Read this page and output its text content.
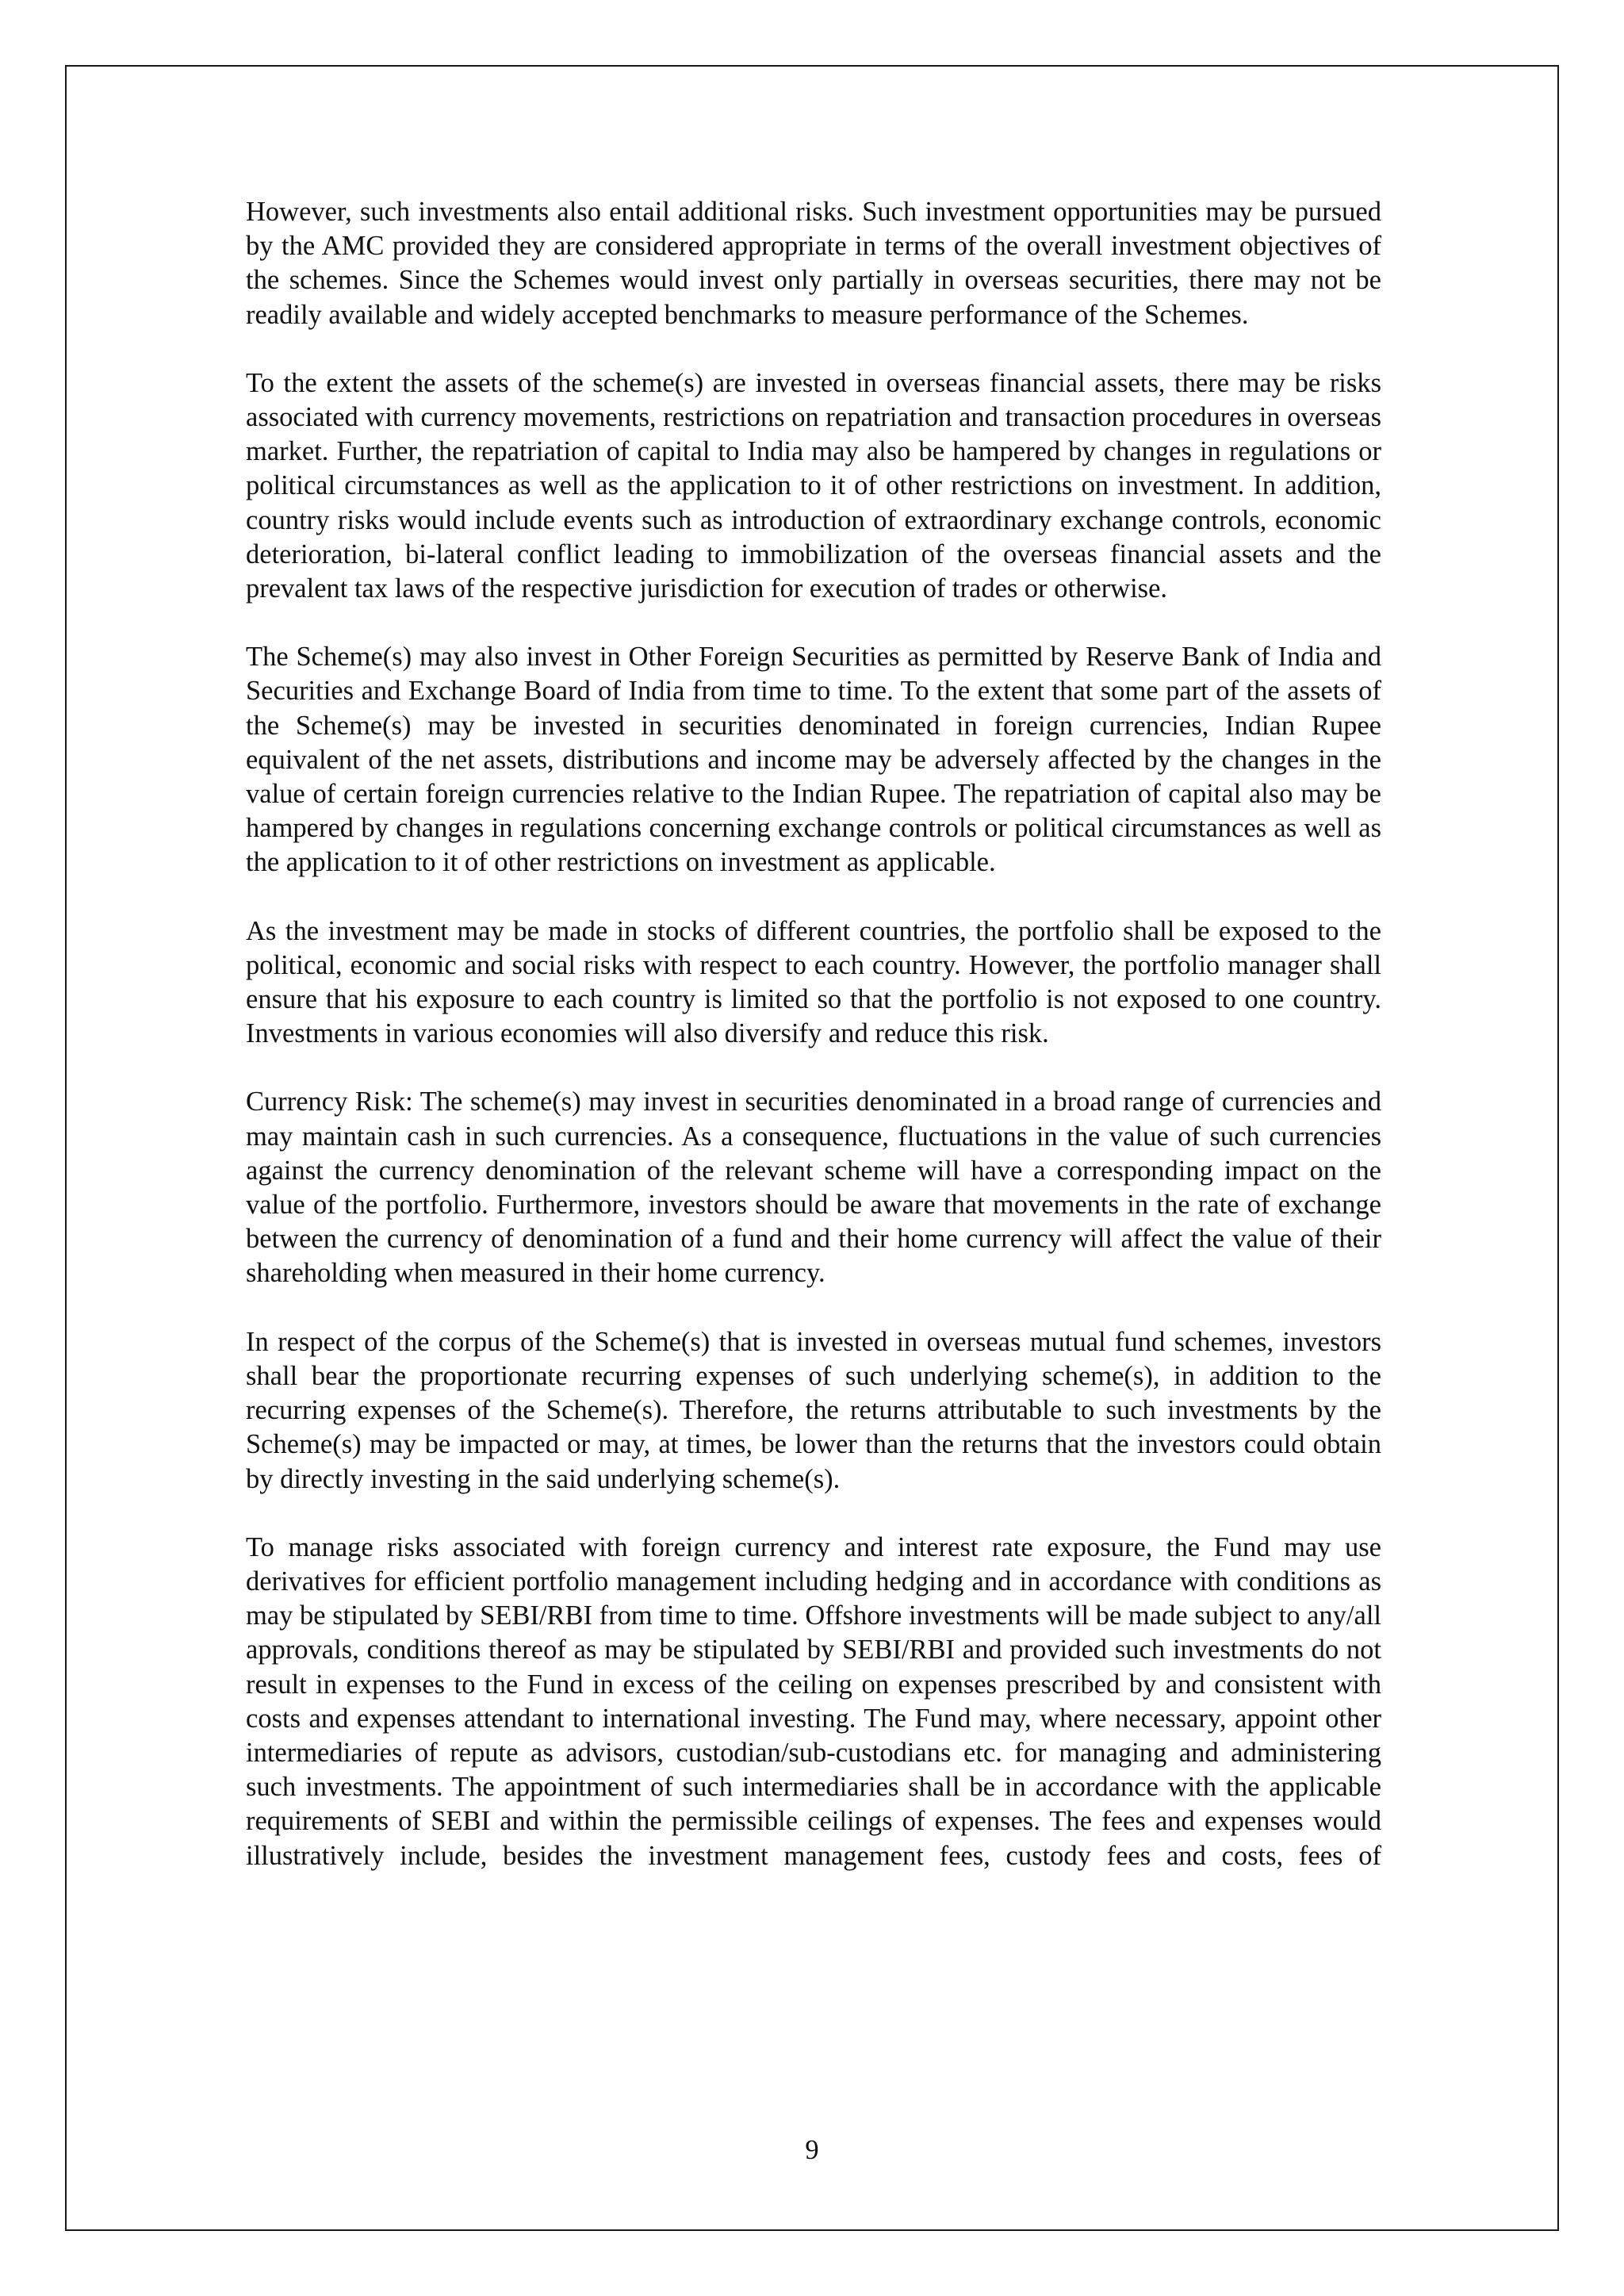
However, such investments also entail additional risks. Such investment opportunities may be pursued by the AMC provided they are considered appropriate in terms of the overall investment objectives of the schemes. Since the Schemes would invest only partially in overseas securities, there may not be readily available and widely accepted benchmarks to measure performance of the Schemes.

To the extent the assets of the scheme(s) are invested in overseas financial assets, there may be risks associated with currency movements, restrictions on repatriation and transaction procedures in overseas market. Further, the repatriation of capital to India may also be hampered by changes in regulations or political circumstances as well as the application to it of other restrictions on investment. In addition, country risks would include events such as introduction of extraordinary exchange controls, economic deterioration, bi-lateral conflict leading to immobilization of the overseas financial assets and the prevalent tax laws of the respective jurisdiction for execution of trades or otherwise.

The Scheme(s) may also invest in Other Foreign Securities as permitted by Reserve Bank of India and Securities and Exchange Board of India from time to time. To the extent that some part of the assets of the Scheme(s) may be invested in securities denominated in foreign currencies, Indian Rupee equivalent of the net assets, distributions and income may be adversely affected by the changes in the value of certain foreign currencies relative to the Indian Rupee. The repatriation of capital also may be hampered by changes in regulations concerning exchange controls or political circumstances as well as the application to it of other restrictions on investment as applicable.

As the investment may be made in stocks of different countries, the portfolio shall be exposed to the political, economic and social risks with respect to each country. However, the portfolio manager shall ensure that his exposure to each country is limited so that the portfolio is not exposed to one country. Investments in various economies will also diversify and reduce this risk.

Currency Risk: The scheme(s) may invest in securities denominated in a broad range of currencies and may maintain cash in such currencies. As a consequence, fluctuations in the value of such currencies against the currency denomination of the relevant scheme will have a corresponding impact on the value of the portfolio. Furthermore, investors should be aware that movements in the rate of exchange between the currency of denomination of a fund and their home currency will affect the value of their shareholding when measured in their home currency.

In respect of the corpus of the Scheme(s) that is invested in overseas mutual fund schemes, investors shall bear the proportionate recurring expenses of such underlying scheme(s), in addition to the recurring expenses of the Scheme(s). Therefore, the returns attributable to such investments by the Scheme(s) may be impacted or may, at times, be lower than the returns that the investors could obtain by directly investing in the said underlying scheme(s).

To manage risks associated with foreign currency and interest rate exposure, the Fund may use derivatives for efficient portfolio management including hedging and in accordance with conditions as may be stipulated by SEBI/RBI from time to time. Offshore investments will be made subject to any/all approvals, conditions thereof as may be stipulated by SEBI/RBI and provided such investments do not result in expenses to the Fund in excess of the ceiling on expenses prescribed by and consistent with costs and expenses attendant to international investing. The Fund may, where necessary, appoint other intermediaries of repute as advisors, custodian/sub-custodians etc. for managing and administering such investments. The appointment of such intermediaries shall be in accordance with the applicable requirements of SEBI and within the permissible ceilings of expenses. The fees and expenses would illustratively include, besides the investment management fees, custody fees and costs, fees of

9
